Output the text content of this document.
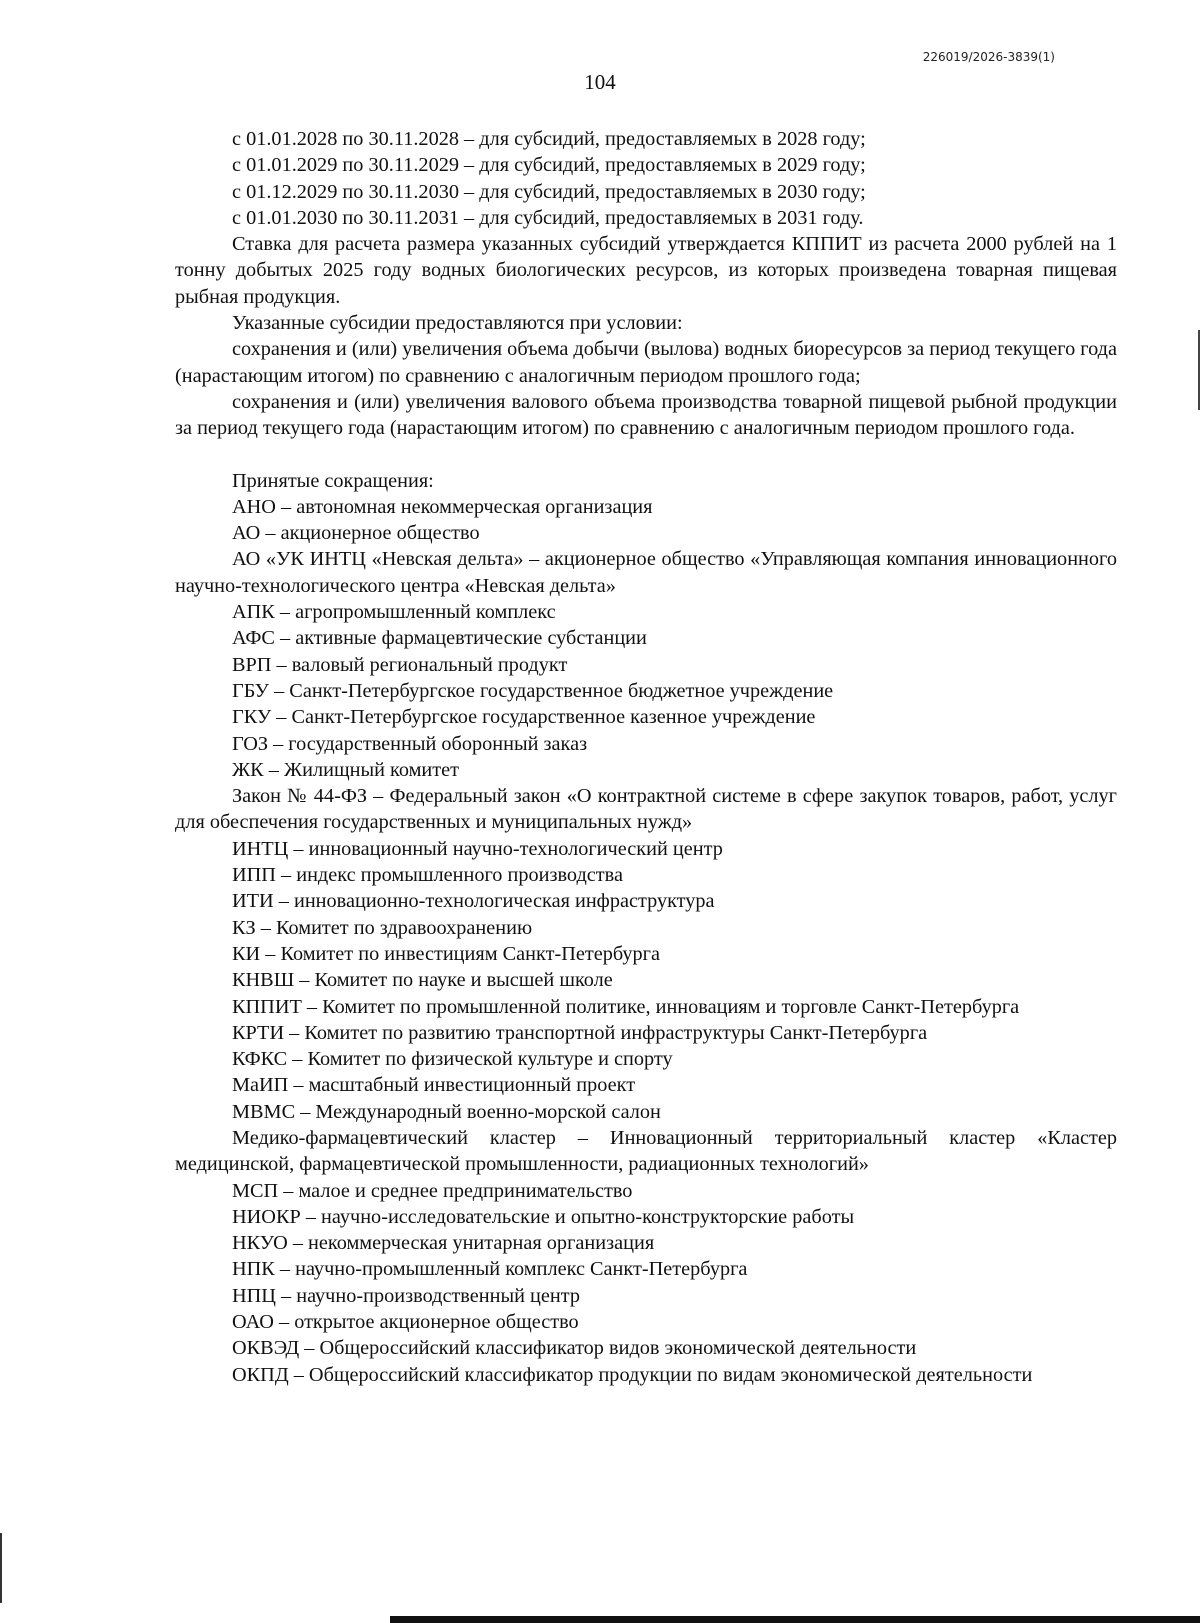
226019/2026-3839(1)
104

с 01.01.2028 по 30.11.2028 – для субсидий, предоставляемых в 2028 году;

с 01.01.2029 по 30.11.2029 – для субсидий, предоставляемых в 2029 году;

с 01.12.2029 по 30.11.2030 – для субсидий, предоставляемых в 2030 году;

с 01.01.2030 по 30.11.2031 – для субсидий, предоставляемых в 2031 году.

Ставка для расчета размера указанных субсидий утверждается КППИТ из расчета 2000 рублей на 1 тонну добытых 2025 году водных биологических ресурсов, из которых произведена товарная пищевая рыбная продукция.

Указанные субсидии предоставляются при условии:

сохранения и (или) увеличения объема добычи (вылова) водных биоресурсов за период текущего года (нарастающим итогом) по сравнению с аналогичным периодом прошлого года;

сохранения и (или) увеличения валового объема производства товарной пищевой рыбной продукции за период текущего года (нарастающим итогом) по сравнению с аналогичным периодом прошлого года.

Принятые сокращения:

АНО – автономная некоммерческая организация

АО – акционерное общество

АО «УК ИНТЦ «Невская дельта» – акционерное общество «Управляющая компания инновационного научно-технологического центра «Невская дельта»

АПК – агропромышленный комплекс

АФС – активные фармацевтические субстанции

ВРП – валовый региональный продукт

ГБУ – Санкт-Петербургское государственное бюджетное учреждение

ГКУ – Санкт-Петербургское государственное казенное учреждение

ГОЗ – государственный оборонный заказ

ЖК – Жилищный комитет

Закон № 44-ФЗ – Федеральный закон «О контрактной системе в сфере закупок товаров, работ, услуг для обеспечения государственных и муниципальных нужд»

ИНТЦ – инновационный научно-технологический центр

ИПП – индекс промышленного производства

ИТИ – инновационно-технологическая инфраструктура

КЗ – Комитет по здравоохранению

КИ – Комитет по инвестициям Санкт-Петербурга

КНВШ – Комитет по науке и высшей школе

КППИТ – Комитет по промышленной политике, инновациям и торговле Санкт-Петербурга

КРТИ – Комитет по развитию транспортной инфраструктуры Санкт-Петербурга

КФКС – Комитет по физической культуре и спорту

МаИП – масштабный инвестиционный проект

МВМС – Международный военно-морской салон

Медико-фармацевтический кластер – Инновационный территориальный кластер «Кластер медицинской, фармацевтической промышленности, радиационных технологий»

МСП – малое и среднее предпринимательство

НИОКР – научно-исследовательские и опытно-конструкторские работы

НКУО – некоммерческая унитарная организация

НПК – научно-промышленный комплекс Санкт-Петербурга

НПЦ – научно-производственный центр

ОАО – открытое акционерное общество

ОКВЭД – Общероссийский классификатор видов экономической деятельности

ОКПД – Общероссийский классификатор продукции по видам экономической деятельности
